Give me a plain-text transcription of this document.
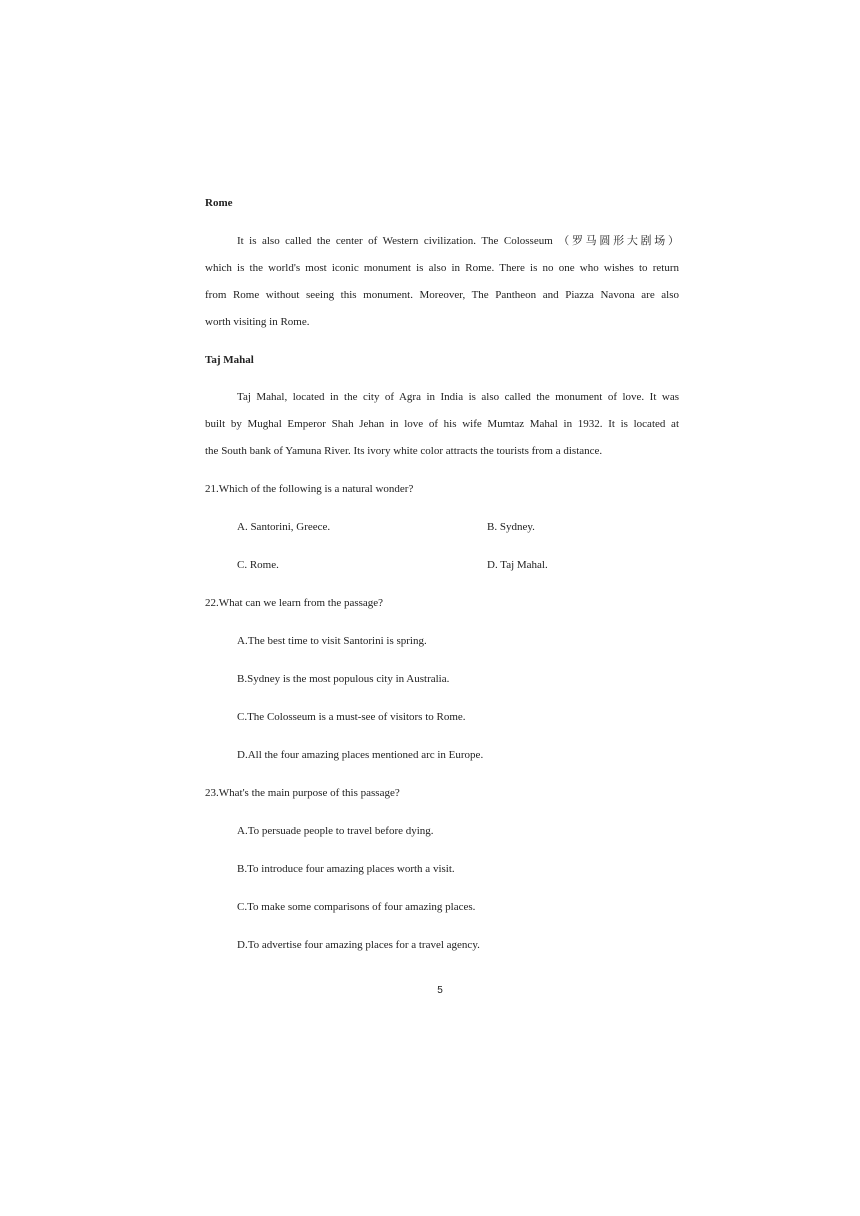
Rome
It is also called the center of Western civilization. The Colosseum （罗马圆形大剧场）
which is the world's most iconic monument is also in Rome. There is no one who wishes to return
from Rome without seeing this monument. Moreover, The Pantheon and Piazza Navona are also
worth visiting in Rome.
Taj Mahal
Taj Mahal, located in the city of Agra in India is also called the monument of love. It was
built by Mughal Emperor Shah Jehan in love of his wife Mumtaz Mahal in 1932. It is located at
the South bank of Yamuna River. Its ivory white color attracts the tourists from a distance.
21.Which of the following is a natural wonder?
A. Santorini, Greece.	B. Sydney.
C. Rome.	D. Taj Mahal.
22.What can we learn from the passage?
A.The best time to visit Santorini is spring.
B.Sydney is the most populous city in Australia.
C.The Colosseum is a must-see of visitors to Rome.
D.All the four amazing places mentioned arc in Europe.
23.What's the main purpose of this passage?
A.To persuade people to travel before dying.
B.To introduce four amazing places worth a visit.
C.To make some comparisons of four amazing places.
D.To advertise four amazing places for a travel agency.
5
